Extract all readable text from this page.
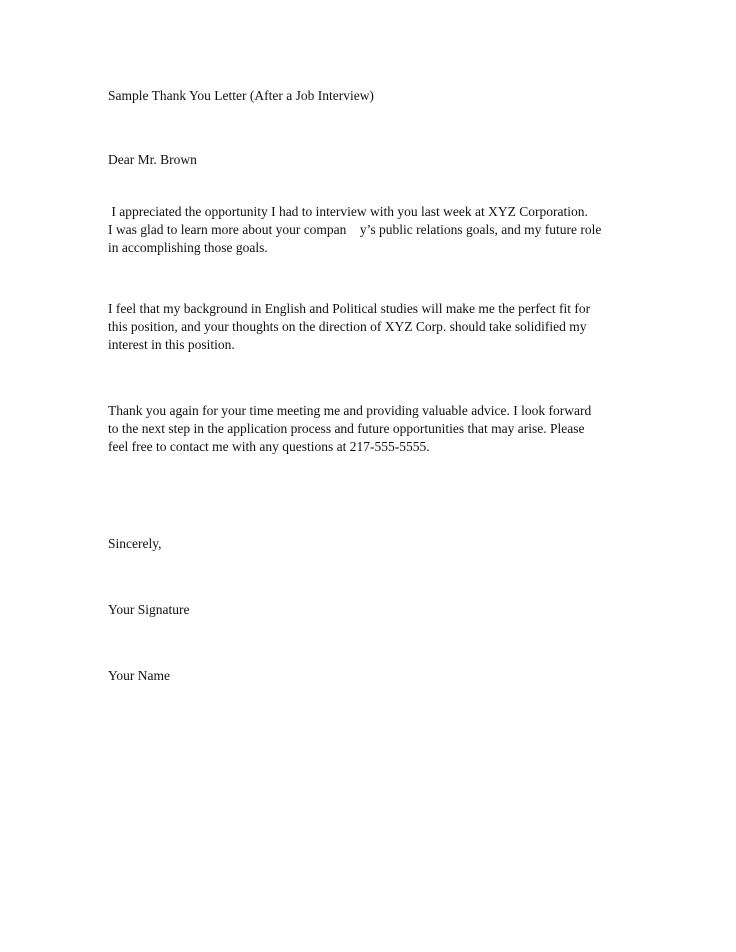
Sample Thank You Letter (After a Job Interview)
Dear Mr. Brown
I appreciated the opportunity I had to interview with you last week at XYZ Corporation.
I was glad to learn more about your compan    y’s public relations goals, and my future role
in accomplishing those goals.
I feel that my background in English and Political studies will make me the perfect fit for
this position, and your thoughts on the direction of XYZ Corp. should take solidified my
interest in this position.
Thank you again for your time meeting me and providing valuable advice. I look forward
to the next step in the application process and future opportunities that may arise. Please
feel free to contact me with any questions at 217-555-5555.
Sincerely,
Your Signature
Your Name
